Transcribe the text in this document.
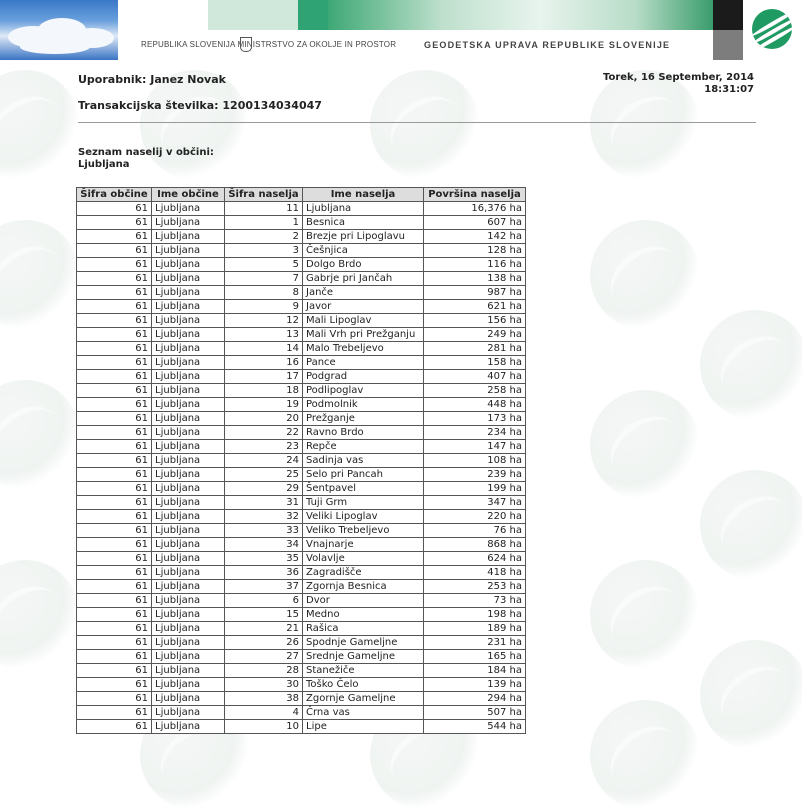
REPUBLIKA SLOVENIJA MINISTRSTVO ZA OKOLJE IN PROSTOR	GEODETSKA UPRAVA REPUBLIKE SLOVENIJE
Uporabnik: Janez Novak
Transakcijska številka: 1200134034047
Torek, 16 September, 2014
18:31:07
Seznam naselij v občini:
Ljubljana
Šifra občine	Ime občine	Šifra naselja	Ime naselja	Površina naselja
61	Ljubljana	11	Ljubljana	16,376 ha
61	Ljubljana	1	Besnica	607 ha
61	Ljubljana	2	Brezje pri Lipoglavu	142 ha
61	Ljubljana	3	Češnjica	128 ha
61	Ljubljana	5	Dolgo Brdo	116 ha
61	Ljubljana	7	Gabrje pri Jančah	138 ha
61	Ljubljana	8	Janče	987 ha
61	Ljubljana	9	Javor	621 ha
61	Ljubljana	12	Mali Lipoglav	156 ha
61	Ljubljana	13	Mali Vrh pri Prežganju	249 ha
61	Ljubljana	14	Malo Trebeljevo	281 ha
61	Ljubljana	16	Pance	158 ha
61	Ljubljana	17	Podgrad	407 ha
61	Ljubljana	18	Podlipoglav	258 ha
61	Ljubljana	19	Podmolnik	448 ha
61	Ljubljana	20	Prežganje	173 ha
61	Ljubljana	22	Ravno Brdo	234 ha
61	Ljubljana	23	Repče	147 ha
61	Ljubljana	24	Sadinja vas	108 ha
61	Ljubljana	25	Selo pri Pancah	239 ha
61	Ljubljana	29	Šentpavel	199 ha
61	Ljubljana	31	Tuji Grm	347 ha
61	Ljubljana	32	Veliki Lipoglav	220 ha
61	Ljubljana	33	Veliko Trebeljevo	76 ha
61	Ljubljana	34	Vnajnarje	868 ha
61	Ljubljana	35	Volavlje	624 ha
61	Ljubljana	36	Zagradišče	418 ha
61	Ljubljana	37	Zgornja Besnica	253 ha
61	Ljubljana	6	Dvor	73 ha
61	Ljubljana	15	Medno	198 ha
61	Ljubljana	21	Rašica	189 ha
61	Ljubljana	26	Spodnje Gameljne	231 ha
61	Ljubljana	27	Srednje Gameljne	165 ha
61	Ljubljana	28	Stanežiče	184 ha
61	Ljubljana	30	Toško Čelo	139 ha
61	Ljubljana	38	Zgornje Gameljne	294 ha
61	Ljubljana	4	Črna vas	507 ha
61	Ljubljana	10	Lipe	544 ha
